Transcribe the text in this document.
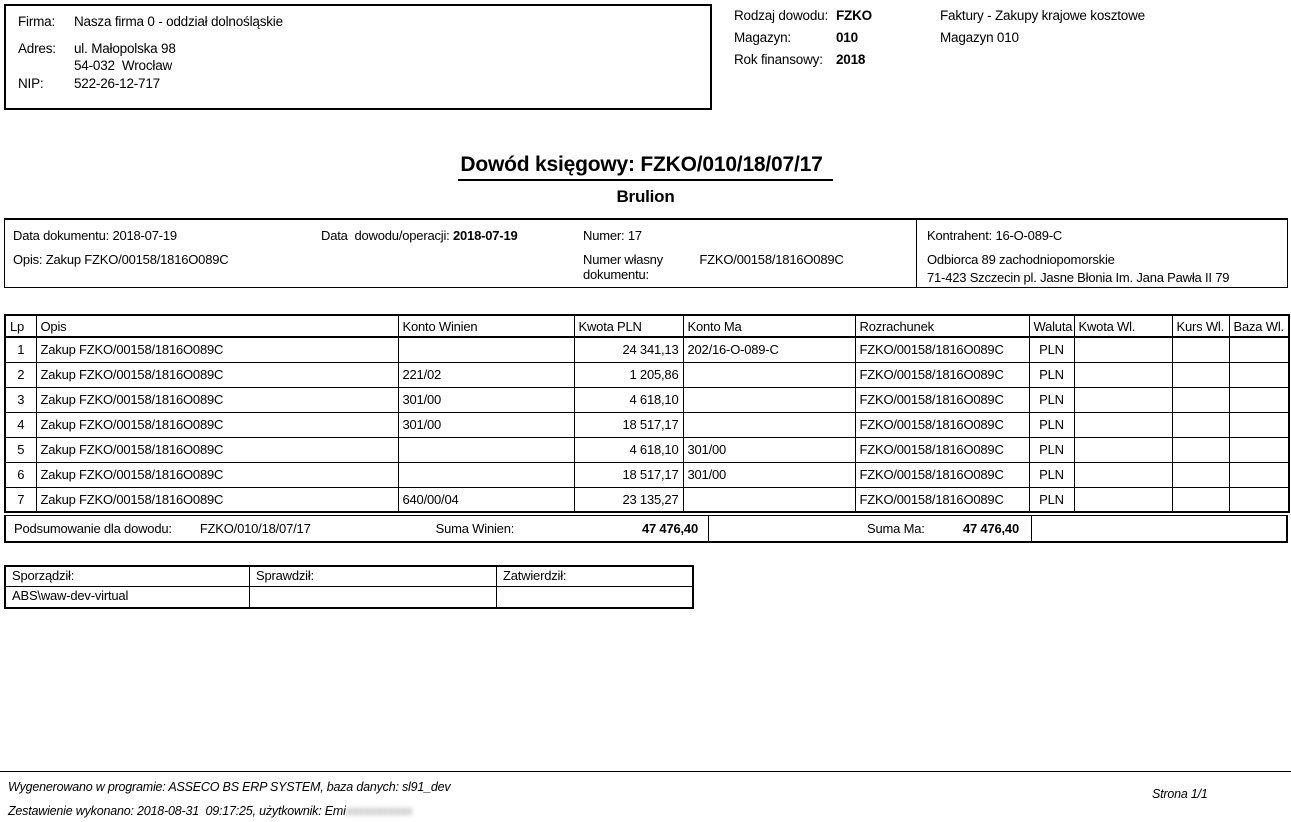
Firma:	Nasza firma 0 - oddział dolnośląskie
Adres:	ul. Małopolska 98
54-032  Wrocław
NIP:	522-26-12-717
Rodzaj dowodu: FZKO	Faktury - Zakupy krajowe kosztowe
Magazyn:	010	Magazyn 010
Rok finansowy: 2018
Dowód księgowy: FZKO/010/18/07/17
Brulion
Data dokumentu: 2018-07-19	Data  dowodu/operacji: 2018-07-19	Numer: 17
Opis: Zakup FZKO/00158/1816O089C	Numer własny dokumentu: FZKO/00158/1816O089C
Kontrahent: 16-O-089-C
Odbiorca 89 zachodniopomorskie
71-423 Szczecin pl. Jasne Błonia Im. Jana Pawła II 79
Lp	Opis	Konto Winien	Kwota PLN	Konto Ma	Rozrachunek	Waluta	Kwota Wl.	Kurs Wl.	Baza Wl.
1	Zakup FZKO/00158/1816O089C		24 341,13	202/16-O-089-C	FZKO/00158/1816O089C	PLN			
2	Zakup FZKO/00158/1816O089C	221/02	1 205,86		FZKO/00158/1816O089C	PLN			
3	Zakup FZKO/00158/1816O089C	301/00	4 618,10		FZKO/00158/1816O089C	PLN			
4	Zakup FZKO/00158/1816O089C	301/00	18 517,17		FZKO/00158/1816O089C	PLN			
5	Zakup FZKO/00158/1816O089C		4 618,10	301/00	FZKO/00158/1816O089C	PLN			
6	Zakup FZKO/00158/1816O089C		18 517,17	301/00	FZKO/00158/1816O089C	PLN			
7	Zakup FZKO/00158/1816O089C	640/00/04	23 135,27		FZKO/00158/1816O089C	PLN			
Podsumowanie dla dowodu: FZKO/010/18/07/17	Suma Winien:	47 476,40	Suma Ma:	47 476,40
Sporządził:	Sprawdził:	Zatwierdził:
ABS\waw-dev-virtual
Wygenerowano w programie: ASSECO BS ERP SYSTEM, baza danych: sl91_dev
Zestawienie wykonano: 2018-08-31  09:17:25, użytkownik: Emixxxxxxxxxxx
Strona 1/1
